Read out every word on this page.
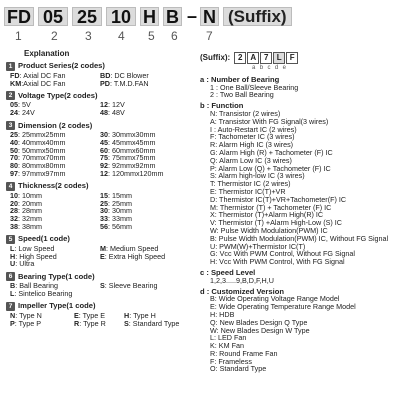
FD 05 25 10 H B – N (Suffix)
1 2 3 4 5 6 7
Explanation
1 Product Series(2 codes)
FD: Axial DC Fan	BD: DC Blower
KM:Axial DC Fan	PD: T.M.D.FAN
2 Voltage Type(2 codes)
05: 5V	12: 12V
24: 24V	48: 48V
3 Dimension (2 codes)
25: 25mmx25mm	30: 30mmx30mm
40: 40mmx40mm	45: 45mmx45mm
50: 50mmx50mm	60: 60mmx60mm
70: 70mmx70mm	75: 75mmx75mm
80: 80mmx80mm	92: 92mmx92mm
97: 97mmx97mm	12: 120mmx120mm
4 Thickness(2 codes)
10: 10mm	15: 15mm
20: 20mm	25: 25mm
28: 28mm	30: 30mm
32: 32mm	33: 33mm
38: 38mm	56: 56mm
5 Speed(1 code)
L: Low Speed	M: Medium Speed
H: High Speed	E: Extra High Speed
U: Ultra
6 Bearing Type(1 code)
B: Ball Bearing	S: Sleeve Bearing
L: Sintelico Bearing
7 Impeller Type(1 code)
N: Type N	E: Type E	H: Type H
P: Type P	R: Type R	S: Standard Type
(Suffix): 2 A 7	L	F
abcde
a : Number of Bearing
1 : One Ball/Sleeve Bearing
2 : Two Ball Bearing
b : Function
N: Transistor (2 wires)
A: Transistor With FG Signal(3 wires)
I : Auto-Restart IC (2 wires)
F: Tachometer IC (3 wires)
R: Alarm High IC (3 wires)
G: Alarm High (R) + Tachometer (F) IC
Q: Alarm Low IC (3 wires)
P: Alarm Low (Q) + Tachometer (F) IC
S: Alarm high-low IC (3 wires)
T: Thermistor IC (2 wires)
E: Thermistor IC(T)+VR
D: Thermistor IC(T)+VR+Tachometer(F) IC
M: Thermistor (T) + Tachometer (F) IC
X: Thermistor (T)+Alarm High(R) IC
V: Thermistor (T) +Alarm High-Low (S) IC
W: Pulse Width Modulation(PWM) IC
B: Pulse Width Modulation(PWM) IC, Without FG Signal
U: PWM(W)+Thermistor IC(T)
G: Vcc With PWM Control, Without FG Signal
H: Vcc With PWM Control, With FG Signal
c : Speed Level
1,2,3.....9,B,D,F,H,U
d : Customized Version
B: Wide Operating Voltage Range Model
E: Wide Operating Temperature Range Model
H: HDB
Q: New Blades Design Q Type
W: New Blades Design W Type
L: LED Fan
K: KM Fan
R: Round Frame Fan
F: Frameless
O: Standard Type
